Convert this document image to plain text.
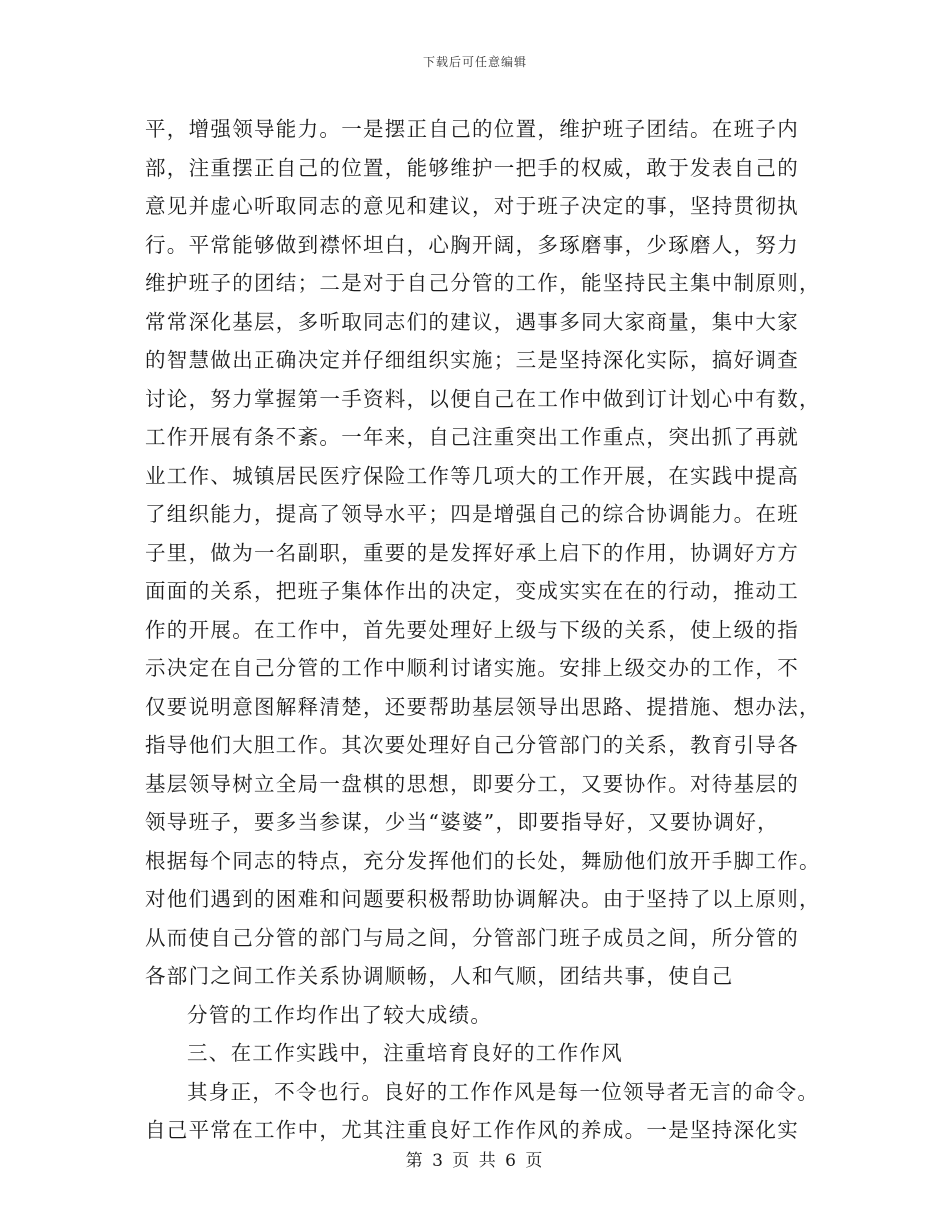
下载后可任意编辑
平，增强领导能力。一是摆正自己的位置，维护班子团结。在班子内
部，注重摆正自己的位置，能够维护一把手的权威，敢于发表自己的
意见并虚心听取同志的意见和建议，对于班子决定的事，坚持贯彻执
行。平常能够做到襟怀坦白，心胸开阔，多琢磨事，少琢磨人，努力
维护班子的团结；二是对于自己分管的工作，能坚持民主集中制原则，
常常深化基层，多听取同志们的建议，遇事多同大家商量，集中大家
的智慧做出正确决定并仔细组织实施；三是坚持深化实际，搞好调查
讨论，努力掌握第一手资料，以便自己在工作中做到订计划心中有数，
工作开展有条不紊。一年来，自己注重突出工作重点，突出抓了再就
业工作、城镇居民医疗保险工作等几项大的工作开展，在实践中提高
了组织能力，提高了领导水平；四是增强自己的综合协调能力。在班
子里，做为一名副职，重要的是发挥好承上启下的作用，协调好方方
面面的关系，把班子集体作出的决定，变成实实在在的行动，推动工
作的开展。在工作中，首先要处理好上级与下级的关系，使上级的指
示决定在自己分管的工作中顺利讨诸实施。安排上级交办的工作，不
仅要说明意图解释清楚，还要帮助基层领导出思路、提措施、想办法，
指导他们大胆工作。其次要处理好自己分管部门的关系，教育引导各
基层领导树立全局一盘棋的思想，即要分工，又要协作。对待基层的
领导班子，要多当参谋，少当“婆婆”，即要指导好，又要协调好，
根据每个同志的特点，充分发挥他们的长处，舞励他们放开手脚工作。
对他们遇到的困难和问题要积极帮助协调解决。由于坚持了以上原则，
从而使自己分管的部门与局之间，分管部门班子成员之间，所分管的
各部门之间工作关系协调顺畅，人和气顺，团结共事，使自己
分管的工作均作出了较大成绩。
三、在工作实践中，注重培育良好的工作作风
其身正，不令也行。良好的工作作风是每一位领导者无言的命令。
自己平常在工作中，尤其注重良好工作作风的养成。一是坚持深化实
第 3 页 共 6 页
